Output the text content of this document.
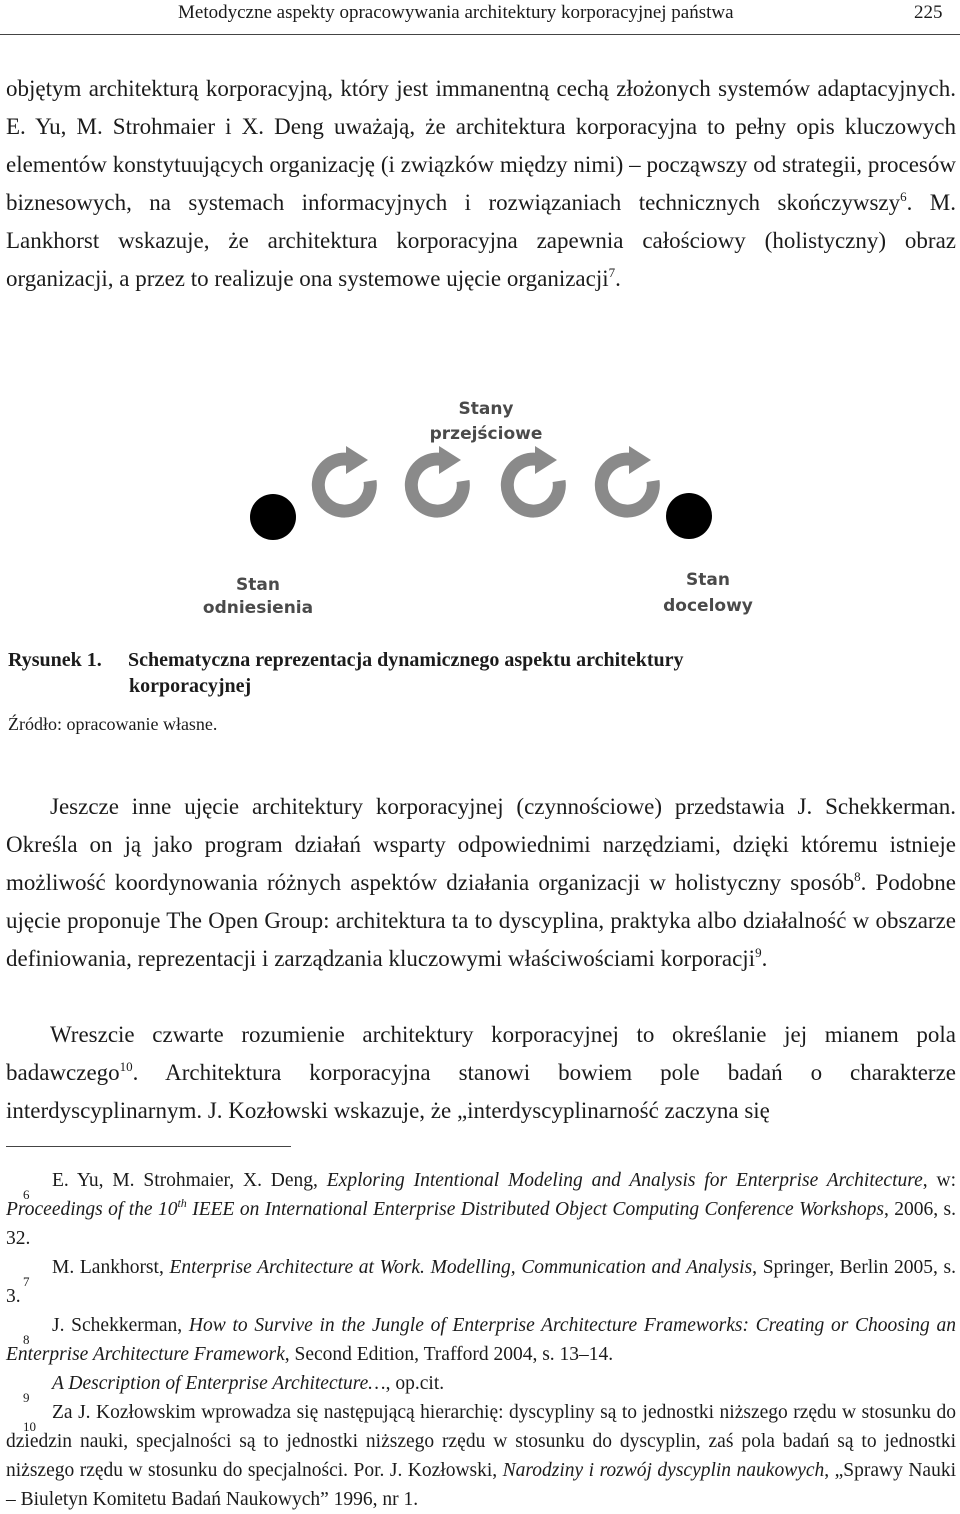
Metodyczne aspekty opracowywania architektury korporacyjnej państwa	225

objętym architekturą korporacyjną, który jest immanentną cechą złożonych systemów adaptacyjnych. E. Yu, M. Strohmaier i X. Deng uważają, że architektura korporacyjna to pełny opis kluczowych elementów konstytuujących organizację (i związków między nimi) – począwszy od strategii, procesów biznesowych, na systemach informacyjnych i rozwiązaniach technicznych skończywszy$^6$. M. Lankhorst wskazuje, że architektura korporacyjna zapewnia całościowy (holistyczny) obraz organizacji, a przez to realizuje ona systemowe ujęcie organizacji$^7$.

Stany
przejściowe
Stan
odniesienia
Stan
docelowy
Rysunek 1. Schematyczna reprezentacja dynamicznego aspektu architektury
korporacyjnej
Źródło: opracowanie własne.

Jeszcze inne ujęcie architektury korporacyjnej (czynnościowe) przedstawia J. Schekkerman. Określa on ją jako program działań wsparty odpowiednimi narzędziami, dzięki któremu istnieje możliwość koordynowania różnych aspektów działania organizacji w holistyczny sposób$^8$. Podobne ujęcie proponuje The Open Group: architektura ta to dyscyplina, praktyka albo działalność w obszarze definiowania, reprezentacji i zarządzania kluczowymi właściwościami korporacji$^9$.

Wreszcie czwarte rozumienie architektury korporacyjnej to określanie jej mianem pola badawczego$^{10}$. Architektura korporacyjna stanowi bowiem pole badań o charakterze interdyscyplinarnym. J. Kozłowski wskazuje, że „interdyscyplinarność zaczyna się

6
E. Yu, M. Strohmaier, X. Deng, Exploring Intentional Modeling and Analysis for Enterprise Architecture, w: Proceedings of the 10th IEEE on International Enterprise Distributed Object Computing Conference Workshops, 2006, s. 32.

7
M. Lankhorst, Enterprise Architecture at Work. Modelling, Communication and Analysis, Springer, Berlin 2005, s. 3.

8
J. Schekkerman, How to Survive in the Jungle of Enterprise Architecture Frameworks: Creating or Choosing an Enterprise Architecture Framework, Second Edition, Trafford 2004, s. 13–14.

9
A Description of Enterprise Architecture…, op.cit.

10
Za J. Kozłowskim wprowadza się następującą hierarchię: dyscypliny są to jednostki niższego rzędu w stosunku do dziedzin nauki, specjalności są to jednostki niższego rzędu w stosunku do dyscyplin, zaś pola badań są to jednostki niższego rzędu w stosunku do specjalności. Por. J. Kozłowski, Narodziny i rozwój dyscyplin naukowych, „Sprawy Nauki – Biuletyn Komitetu Badań Naukowych” 1996, nr 1.
